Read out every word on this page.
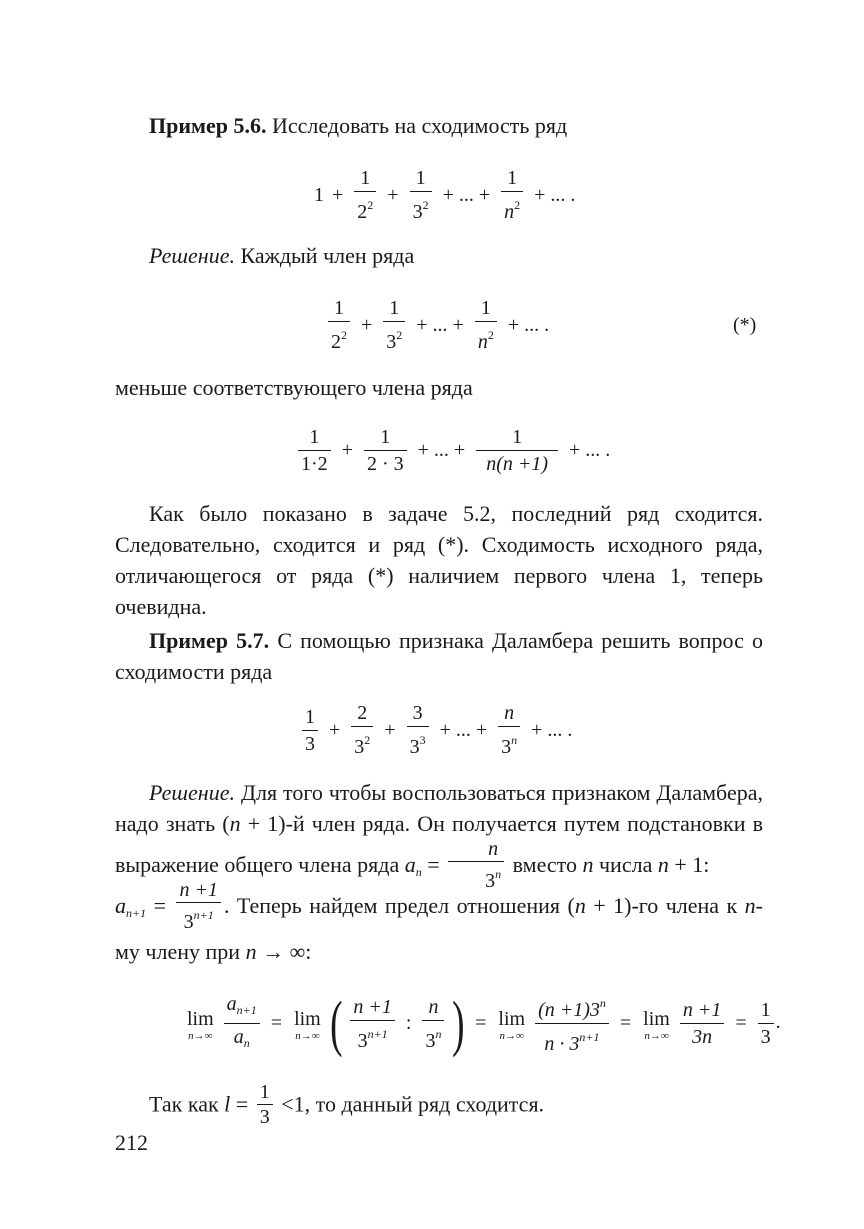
Пример 5.6. Исследовать на сходимость ряд
$1 + \frac{1}{2^2} + \frac{1}{3^2}$ + ... + $\frac{1}{n^2}$ + ... .
Решение. Каждый член ряда
$\frac{1}{2^2} + \frac{1}{3^2}$ + ... + $\frac{1}{n^2}$ + ... .	(*)
меньше соответствующего члена ряда
$\frac{1}{1\cdot 2} + \frac{1}{2 \cdot 3}$ + ... + $\frac{1}{n(n +1)}$ + ... .
Как было показано в задаче 5.2, последний ряд сходится. Следовательно, сходится и ряд (*). Сходимость исходного ряда, отличающегося от ряда (*) наличием первого члена 1, теперь очевидна.
Пример 5.7. С помощью признака Даламбера решить вопрос о сходимости ряда
$\frac{1}{3} + \frac{2}{3^2} + \frac{3}{3^3}$ + ... + $\frac{n}{3^n}$ + ... .
Решение. Для того чтобы воспользоваться признаком Даламбера, надо знать (n + 1)-й член ряда. Он получается путем подстановки в выражение общего члена ряда $a_n = \frac{n}{3^n}$ вместо n числа n + 1:
$a_{n+1} = \frac{n +1}{3^{n+1}}$ . Теперь найдем предел отношения (n + 1)-го члена к n-му члену при n → ∞:
lim
n→∞
$\frac{a_{n+1}}{a_n} = \lim$
n→∞ ( $\frac{n +1}{3^{n+1}}$ : $\frac{n}{3^n}$ ) = lim
n→∞
$\frac{(n +1)3^n}{n \cdot 3^{n+1}} = \lim$
n→∞
$\frac{n +1}{3n} = \frac{1}{3}$ .
Так как $l = \frac{1}{3} <1$, то данный ряд сходится.
212
